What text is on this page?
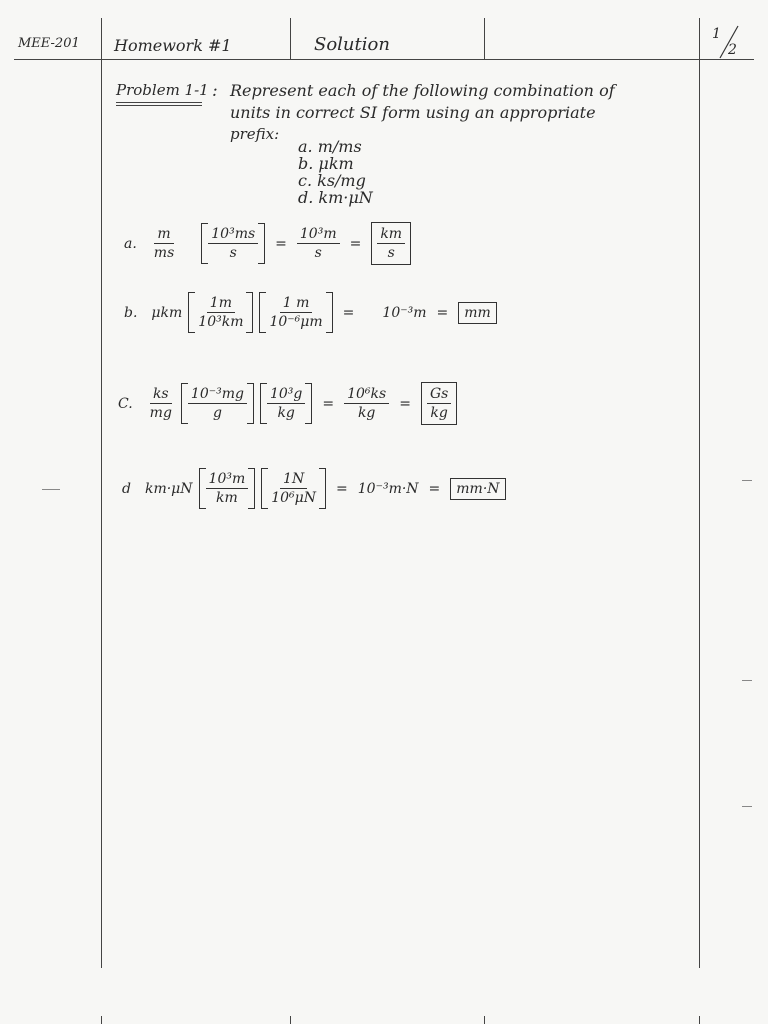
MEE-201 Homework #1	Solution	1
2
Problem 1-1 : Represent each of the following combination of
units in correct SI form using an appropriate
prefix:
a. m/ms
b. μkm
c. ks/mg
d. km·μN
a. $\frac{m}{ms} \frac{\text{10³ms}}{s} = \frac{\text{10³m}}{s} = \frac{km}{s}$
b. μkm $\frac{1m}{\text{10³km}} \frac{1 m}{\text{10⁻⁶μm}} = 10^{-3}m$ =	mm
C. $\frac{ks}{mg} \frac{\text{10⁻³mg}}{g} \frac{\text{10³g}}{kg} = \frac{\text{10⁶ks}}{kg} = \frac{Gs}{kg}$
d $km\cdot\mu N \frac{\text{10³m}}{km} \frac{1N}{\text{10⁶μN}} = 10^{-3}m\cdot N$ =	mm·N
